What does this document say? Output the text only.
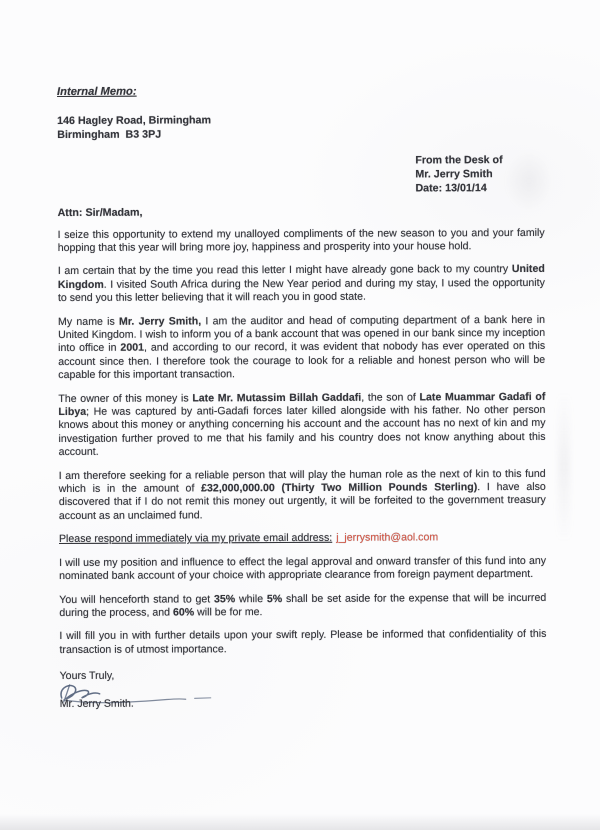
Internal Memo:
146 Hagley Road, Birmingham
Birmingham  B3 3PJ
From the Desk of
Mr. Jerry Smith
Date: 13/01/14
Attn: Sir/Madam,

I seize this opportunity to extend my unalloyed compliments of the new season to you and your family hopping that this year will bring more joy, happiness and prosperity into your house hold.

I am certain that by the time you read this letter I might have already gone back to my country United Kingdom. I visited South Africa during the New Year period and during my stay, I used the opportunity to send you this letter believing that it will reach you in good state.

My name is Mr. Jerry Smith, I am the auditor and head of computing department of a bank here in United Kingdom. I wish to inform you of a bank account that was opened in our bank since my inception into office in 2001, and according to our record, it was evident that nobody has ever operated on this account since then. I therefore took the courage to look for a reliable and honest person who will be capable for this important transaction.

The owner of this money is Late Mr. Mutassim Billah Gaddafi, the son of Late Muammar Gadafi of Libya; He was captured by anti-Gadafi forces later killed alongside with his father. No other person knows about this money or anything concerning his account and the account has no next of kin and my investigation further proved to me that his family and his country does not know anything about this account.

I am therefore seeking for a reliable person that will play the human role as the next of kin to this fund which is in the amount of £32,000,000.00 (Thirty Two Million Pounds Sterling). I have also discovered that if I do not remit this money out urgently, it will be forfeited to the government treasury account as an unclaimed fund.

Please respond immediately via my private email address: j_jerrysmith@aol.com

I will use my position and influence to effect the legal approval and onward transfer of this fund into any nominated bank account of your choice with appropriate clearance from foreign payment department.

You will henceforth stand to get 35% while 5% shall be set aside for the expense that will be incurred during the process, and 60% will be for me.

I will fill you in with further details upon your swift reply. Please be informed that confidentiality of this transaction is of utmost importance.

Yours Truly,
Mr. Jerry Smith.
